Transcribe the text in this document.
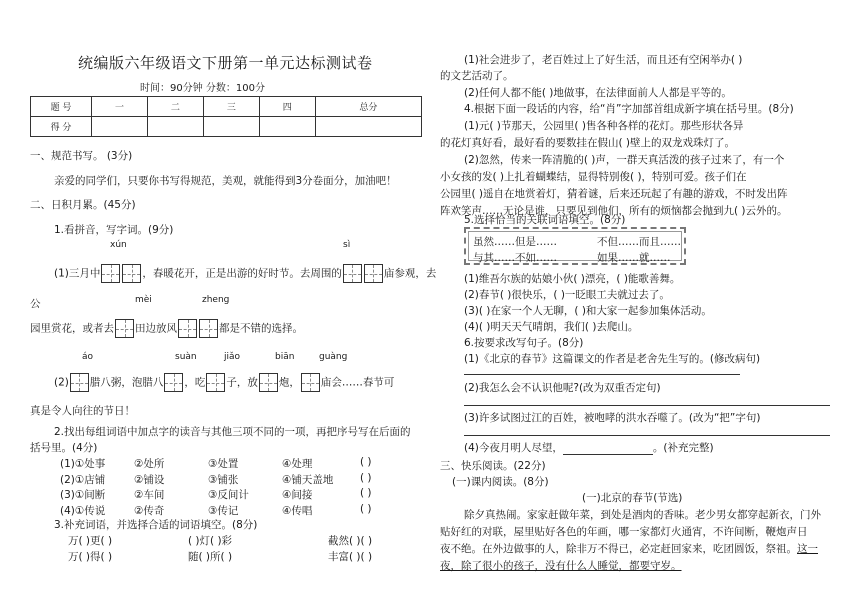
统编版六年级语文下册第一单元达标测试卷
时间：90分钟 分数：100分
题 号	一	二	三	四	总分
得 分					
一、规范书写。 (3分)
亲爱的同学们，只要你书写得规范，美观，就能得到3分卷面分，加油吧！
二、日积月累。(45分)
1.看拼音，写字词。(9分)
xún	sì
(1)三月中	，春暖花开，正是出游的好时节。去周围的	庙参观，去
公	mèi	zheng
园里赏花，或者去 田边放风	都是不错的选择。
áo	suàn	jiǎo	biān	guàng
(2) 腊八粥，泡腊八 ，吃 子，放 炮， 庙会……春节可
真是令人向往的节日！
2.找出每组词语中加点字的读音与其他三项不同的一项，再把序号写在后面的
括号里。(4分)
(1)①处事	②处所	③处置	④处理	( )
(2)①店铺	②铺设	③铺张	④铺天盖地	( )
(3)①间断	②车间	③反间计	④间接	( )
(4)①传说	②传奇	③传记	④传唱	( )
3.补充词语，并选择合适的词语填空。(8分)
万( )更( )	( )灯( )彩	截然( )( )
万( )得( )	随( )所( )	丰富( )( )
(1)社会进步了，老百姓过上了好生活，而且还有空闲举办( )
的文艺活动了。
(2)任何人都不能( )地做事，在法律面前人人都是平等的。
4.根据下面一段话的内容，给“肖”字加部首组成新字填在括号里。(8分)
(1)元( )节那天，公园里( )售各种各样的花灯。那些形状各异
的花灯真好看，最好看的要数挂在假山( )壁上的双龙戏珠灯了。
(2)忽然，传来一阵清脆的( )声，一群天真活泼的孩子过来了，有一个
小女孩的发( )上扎着蝴蝶结，显得特别俊( )，特别可爱。孩子们在
公园里( )遥自在地赏着灯，猜着谜，后来还玩起了有趣的游戏，不时发出阵
阵欢笑声……无论是谁，只要见到他们，所有的烦恼都会抛到九( )云外的。
5.选择恰当的关联词语填空。(8分)
虽然……但是……	不但……而且……
与其……不如……	如果……就……
(1)维吾尔族的姑娘小伙( )漂亮，( )能歌善舞。
(2)春节( )很快乐，( )一眨眼工夫就过去了。
(3)( )在家一个人无聊，( )和大家一起参加集体活动。
(4)( )明天天气晴朗，我们( )去爬山。
6.按要求改写句子。(8分)
(1)《北京的春节》这篇课文的作者是老舍先生写的。(修改病句)
(2)我怎么会不认识他呢?(改为双重否定句)
(3)许多试图过江的百姓，被咆哮的洪水吞噬了。(改为“把”字句)
(4)今夜月明人尽望，	。(补充完整)
三、快乐阅读。(22分)
(一)课内阅读。(8分)
(一)北京的春节(节选)
除夕真热闹。家家赶做年菜，到处是酒肉的香味。老少男女都穿起新衣，门外
贴好红的对联，屋里贴好各色的年画，哪一家都灯火通宵，不许间断，鞭炮声日
夜不绝。在外边做事的人，除非万不得已，必定赶回家来，吃团圆饭，祭祖。这一
夜，除了很小的孩子，没有什么人睡觉，都要守岁。
